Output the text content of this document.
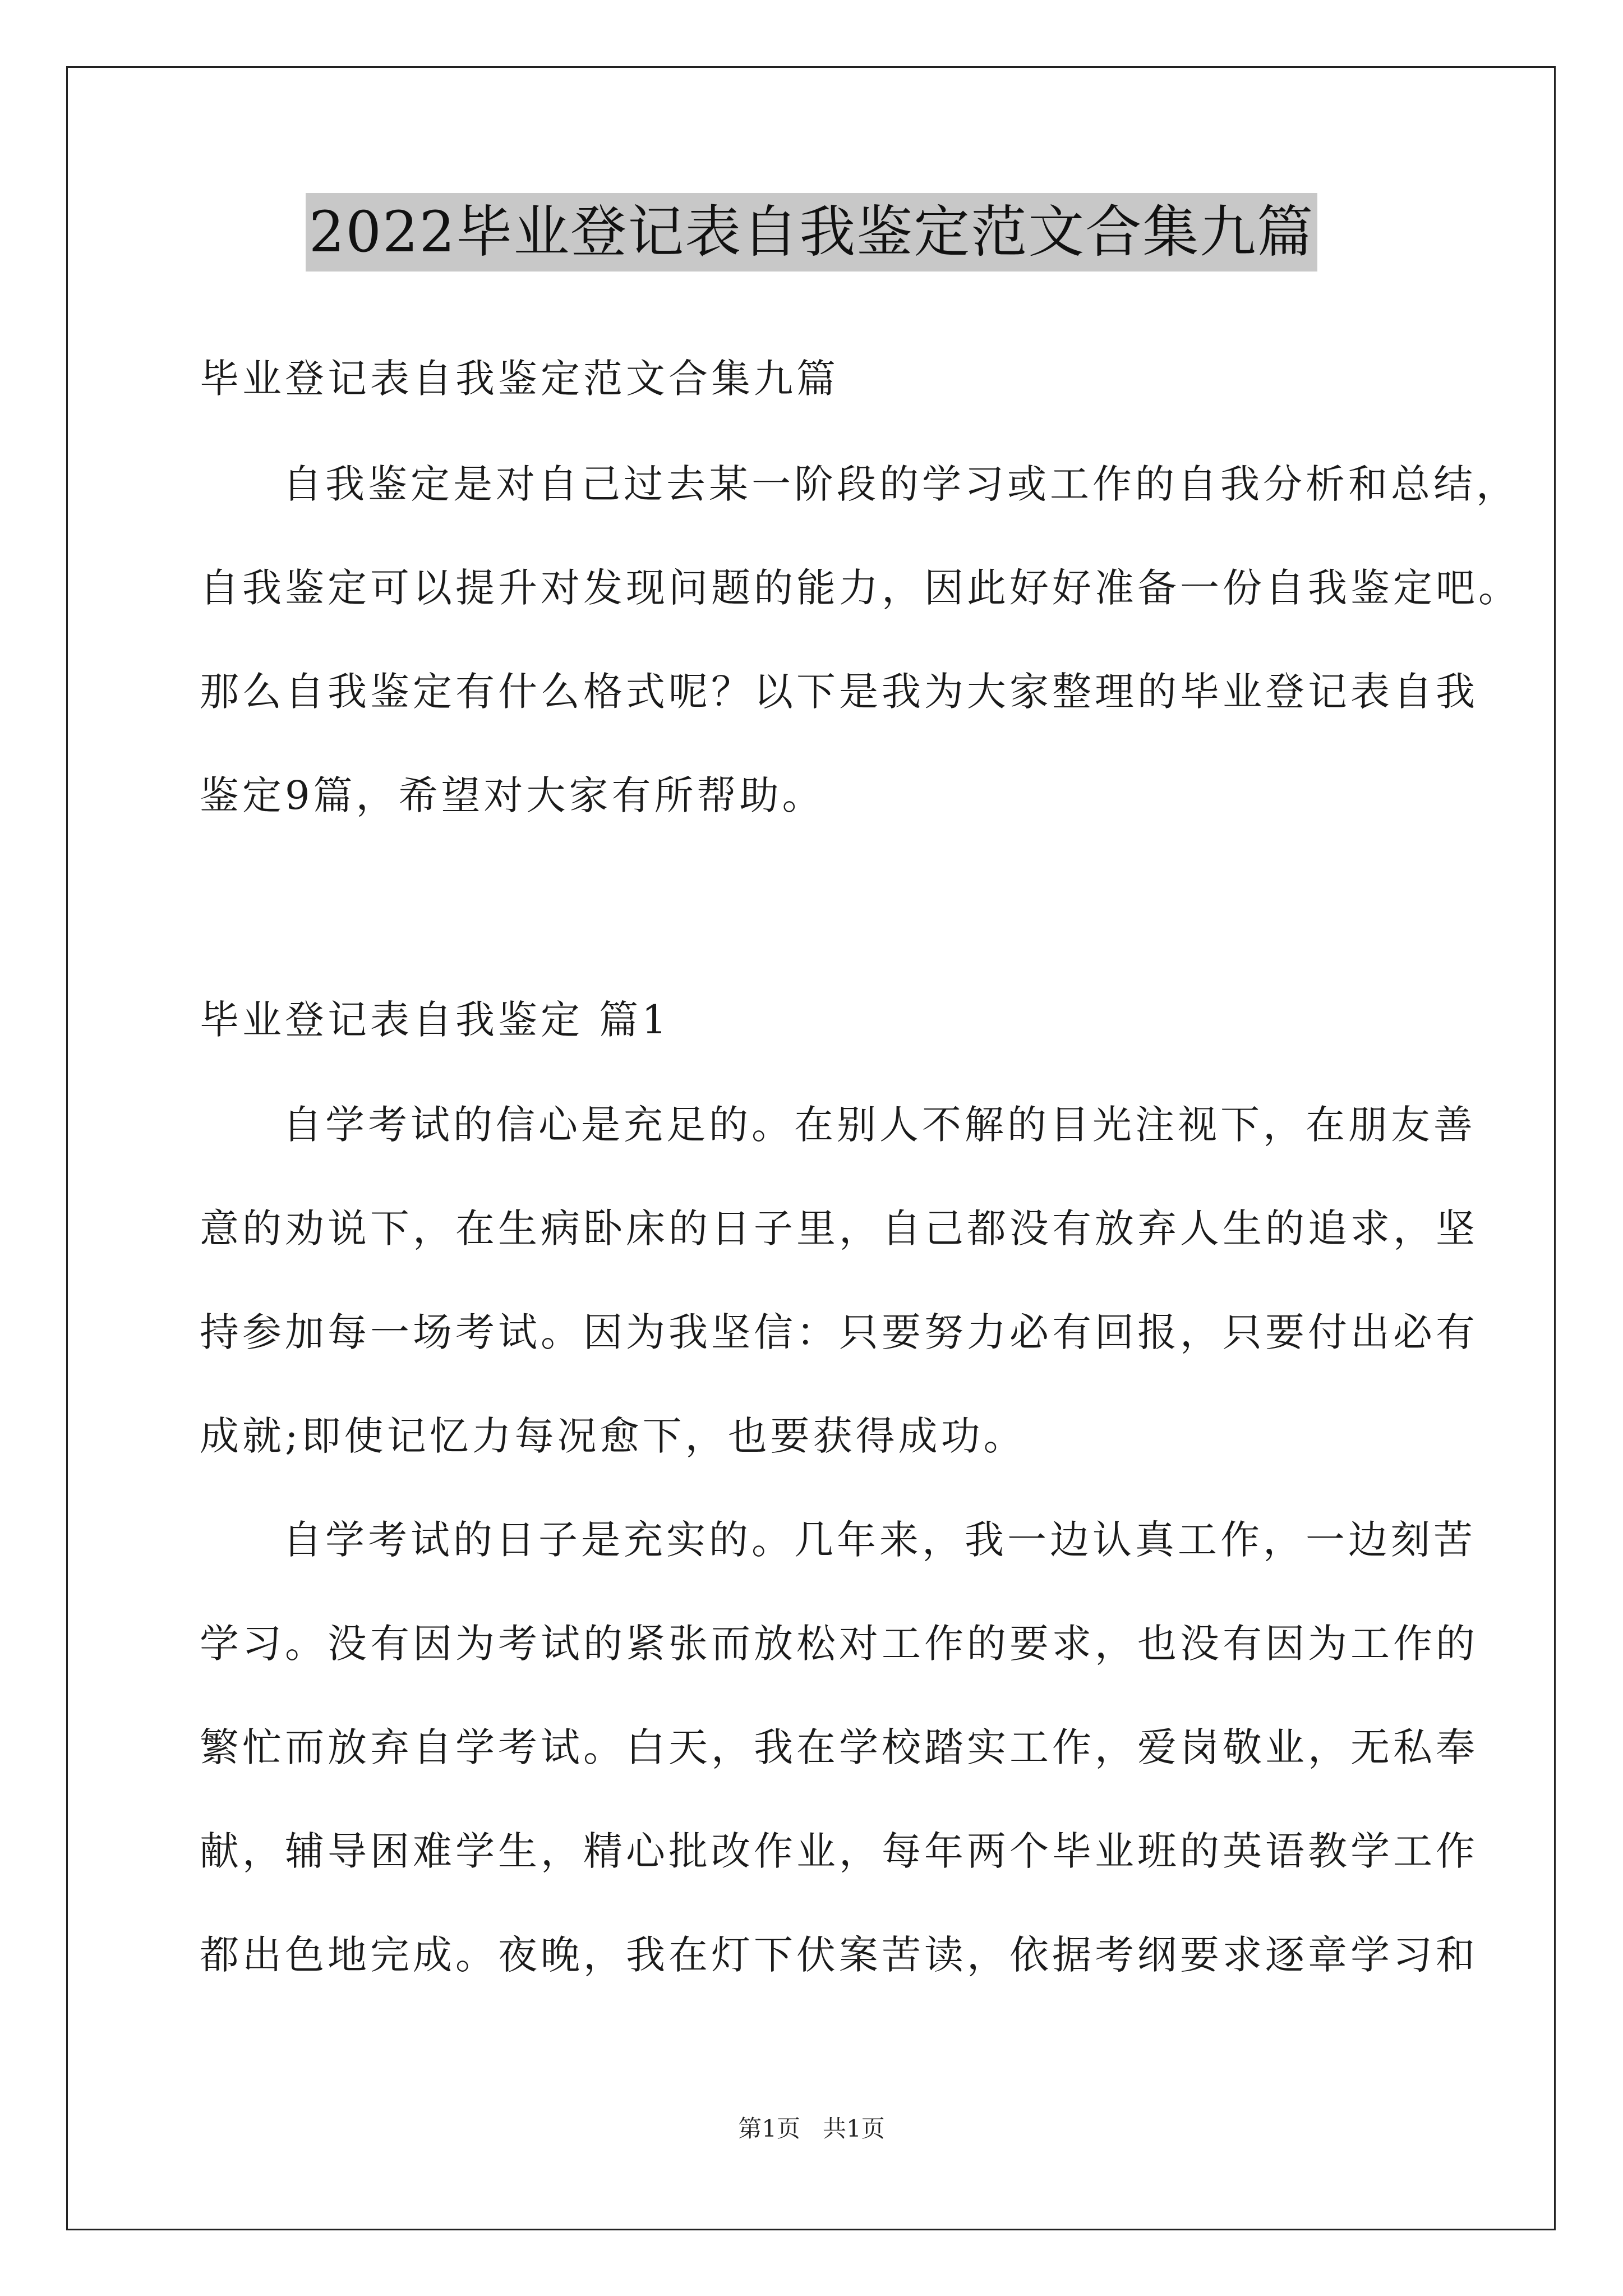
2022毕业登记表自我鉴定范文合集九篇
毕业登记表自我鉴定范文合集九篇
自我鉴定是对自己过去某一阶段的学习或工作的自我分析和总结，
自我鉴定可以提升对发现问题的能力，因此好好准备一份自我鉴定吧。
那么自我鉴定有什么格式呢？以下是我为大家整理的毕业登记表自我
鉴定9篇，希望对大家有所帮助。
毕业登记表自我鉴定 篇1
自学考试的信心是充足的。在别人不解的目光注视下，在朋友善
意的劝说下，在生病卧床的日子里，自己都没有放弃人生的追求，坚
持参加每一场考试。因为我坚信：只要努力必有回报，只要付出必有
成就;即使记忆力每况愈下，也要获得成功。
自学考试的日子是充实的。几年来，我一边认真工作，一边刻苦
学习。没有因为考试的紧张而放松对工作的要求，也没有因为工作的
繁忙而放弃自学考试。白天，我在学校踏实工作，爱岗敬业，无私奉
献，辅导困难学生，精心批改作业，每年两个毕业班的英语教学工作
都出色地完成。夜晚，我在灯下伏案苦读，依据考纲要求逐章学习和
第1页   共1页
